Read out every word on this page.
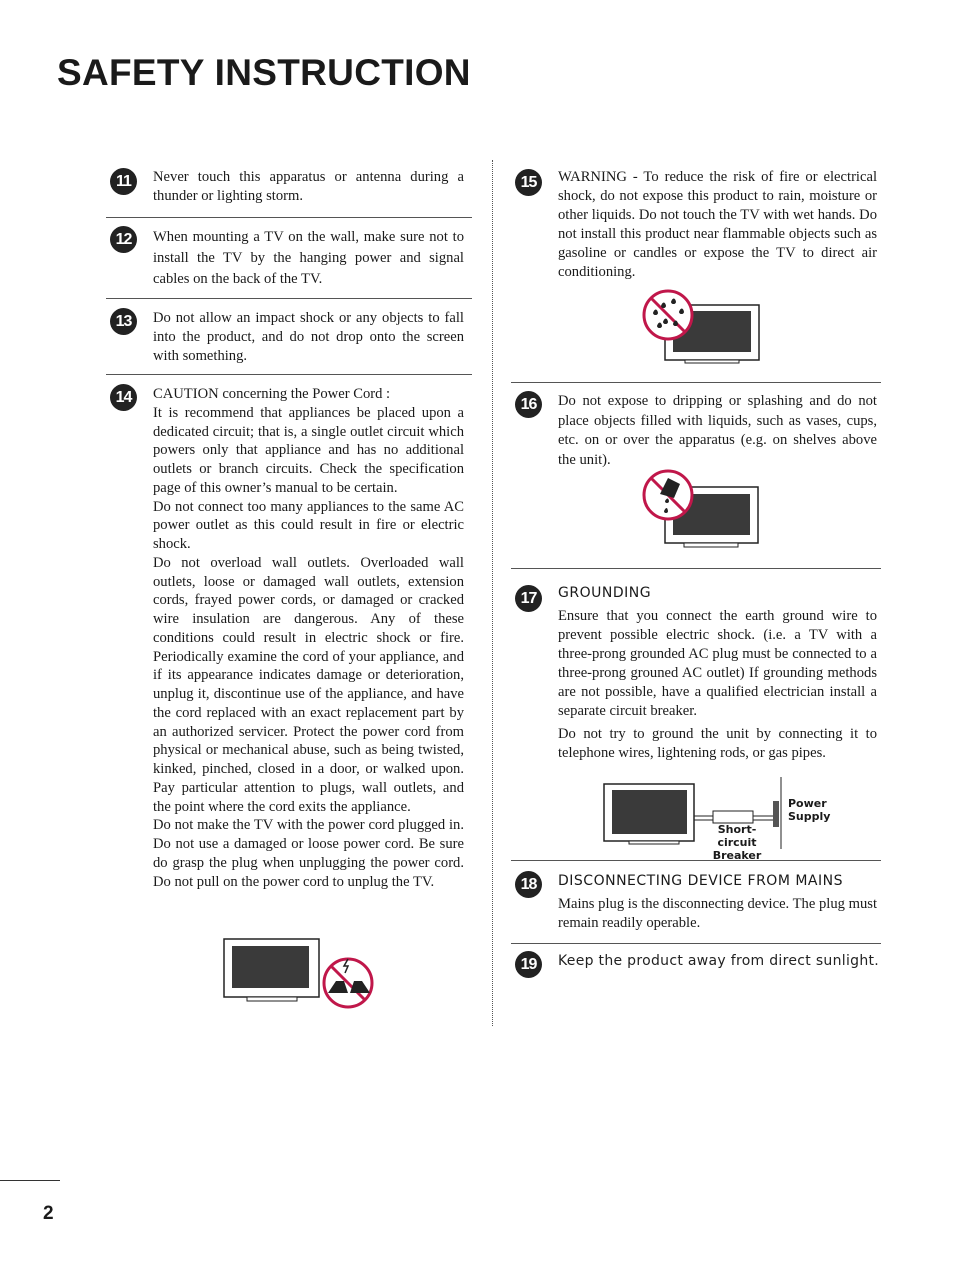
SAFETY INSTRUCTION
11	Never touch this apparatus or antenna during a thunder or lighting storm.

12	When mounting a TV on the wall, make sure not to install the TV by the hanging power and signal cables on the back of the TV.

13	Do not allow an impact shock or any objects to fall into the product, and do not drop onto the screen with something.

14	CAUTION concerning the Power Cord :

It is recommend that appliances be placed upon a dedicated circuit; that is, a single outlet circuit which powers only that appliance and has no additional outlets or branch circuits. Check the specification page of this owner’s manual to be certain.

Do not connect too many appliances to the same AC power outlet as this could result in fire or electric shock.

Do not overload wall outlets. Overloaded wall outlets, loose or damaged wall outlets, extension cords, frayed power cords, or damaged or cracked wire insulation are dangerous. Any of these conditions could result in electric shock or fire. Periodically examine the cord of your appliance, and if its appearance indicates damage or deterioration, unplug it, discontinue use of the appliance, and have the cord replaced with an exact replacement part by an authorized servicer. Protect the power cord from physical or mechanical abuse, such as being twisted, kinked, pinched, closed in a door, or walked upon. Pay particular attention to plugs, wall outlets, and the point where the cord exits the appliance.

Do not make the TV with the power cord plugged in. Do not use a damaged or loose power cord. Be sure do grasp the plug when unplugging the power cord. Do not pull on the power cord to unplug the TV.

15	WARNING - To reduce the risk of fire or electrical shock, do not expose this product to rain, moisture or other liquids. Do not touch the TV with wet hands. Do not install this product near flammable objects such as gasoline or candles or expose the TV to direct air conditioning.

16	Do not expose to dripping or splashing and do not place objects filled with liquids, such as vases, cups, etc. on or over the apparatus (e.g. on shelves above the unit).

17	GROUNDING

Ensure that you connect the earth ground wire to prevent possible electric shock. (i.e. a TV with a three-prong grounded AC plug must be connected to a three-prong grouned AC outlet) If grounding methods are not possible, have a qualified electrician install a separate circuit breaker.

Do not try to ground the unit by connecting it to telephone wires, lightening rods, or gas pipes.

18	DISCONNECTING DEVICE FROM MAINS

Mains plug is the disconnecting device. The plug must remain readily operable.

19	Keep the product away from direct sunlight.
Power
Supply
Short-circuit
Breaker
2
